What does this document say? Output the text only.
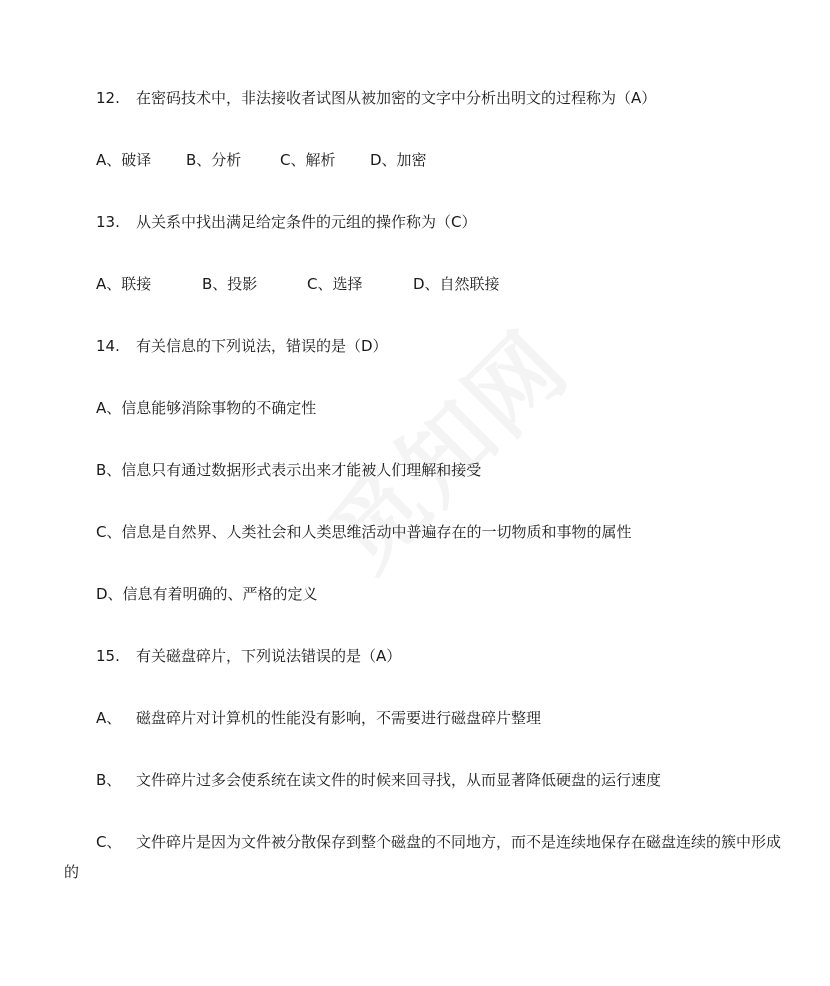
12. 在密码技术中，非法接收者试图从被加密的文字中分析出明文的过程称为（A）
A、破译 B、分析	C、解析 D、加密
13. 从关系中找出满足给定条件的元组的操作称为（C）
A、联接	B、投影	C、选择	D、自然联接
14. 有关信息的下列说法，错误的是（D）
A、信息能够消除事物的不确定性
B、信息只有通过数据形式表示出来才能被人们理解和接受
C、信息是自然界、人类社会和人类思维活动中普遍存在的一切物质和事物的属性
D、信息有着明确的、严格的定义
15. 有关磁盘碎片，下列说法错误的是（A）
A、 磁盘碎片对计算机的性能没有影响，不需要进行磁盘碎片整理
B、 文件碎片过多会使系统在读文件的时候来回寻找，从而显著降低硬盘的运行速度
C、 文件碎片是因为文件被分散保存到整个磁盘的不同地方，而不是连续地保存在磁盘连续的簇中形成的
